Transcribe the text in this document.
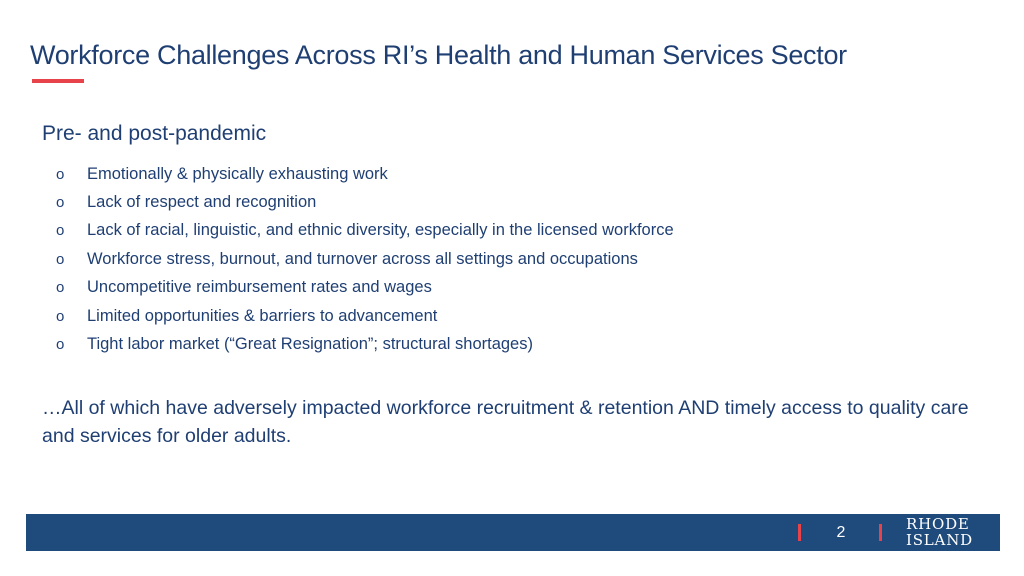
Workforce Challenges Across RI’s Health and Human Services Sector
Pre- and post-pandemic
o	Emotionally & physically exhausting work
o	Lack of respect and recognition
o	Lack of racial, linguistic, and ethnic diversity, especially in the licensed workforce
o	Workforce stress, burnout, and turnover across all settings and occupations
o	Uncompetitive reimbursement rates and wages
o	Limited opportunities & barriers to advancement
o	Tight labor market (“Great Resignation”; structural shortages)

…All of which have adversely impacted workforce recruitment & retention AND timely access to quality care and services for older adults.

2	RHODE
ISLAND
